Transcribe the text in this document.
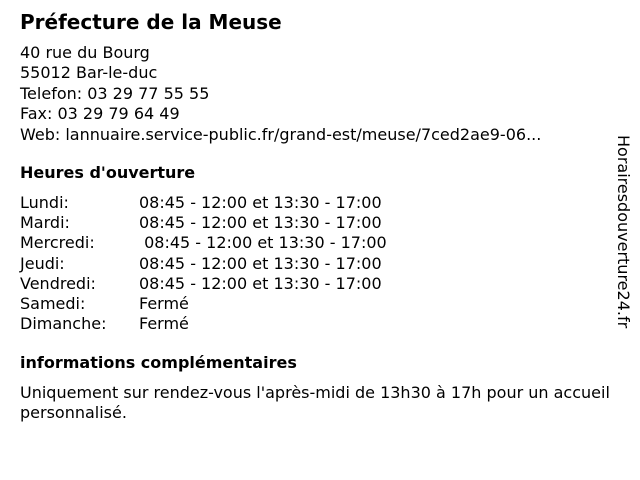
Préfecture de la Meuse
40 rue du Bourg
55012 Bar-le-duc
Telefon: 03 29 77 55 55
Fax: 03 29 79 64 49
Web: lannuaire.service-public.fr/grand-est/meuse/7ced2ae9-06...
Heures d'ouverture
Lundi:	08:45 - 12:00 et 13:30 - 17:00
Mardi:	08:45 - 12:00 et 13:30 - 17:00
Mercredi:	08:45 - 12:00 et 13:30 - 17:00
Jeudi:	08:45 - 12:00 et 13:30 - 17:00
Vendredi:	08:45 - 12:00 et 13:30 - 17:00
Samedi:	Fermé
Dimanche: Fermé
informations complémentaires
Uniquement sur rendez-vous l'après-midi de 13h30 à 17h pour un accueil personnalisé.
Horairesdouverture24.fr
